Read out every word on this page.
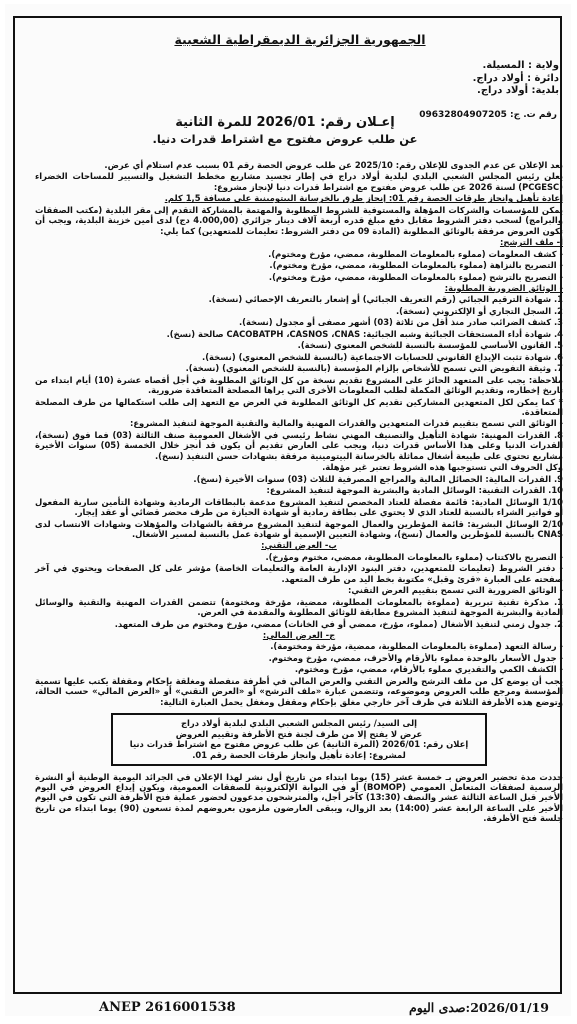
الجمهورية الجزائرية الديمقراطية الشعبية
ولاية : المسيلة.
دائرة : أولاد دراج.
بلدية: أولاد دراج.
رقم ت. ج: 09632804907205
إعـلان رقم: 2026/01 للمرة الثانية
عن طلب عروض مفتوح مع اشتراط قدرات دنيا.

بعد الإعلان عن عدم الجدوى للإعلان رقم: 2025/10 عن طلب عروض الحصة رقم 01 بسبب عدم استلام أي عرض.

يعلن رئيس المجلس الشعبي البلدي لبلدية أولاد دراج في إطار تجسيد مشاريع مخطط التشغيل والتسيير للمساحات الخضراء (PCGESC) لسنة 2026 عن طلب عروض مفتوح مع اشتراط قدرات دنيا لإنجاز مشروع:

إعادة تأهيل وانجاز طرقات الحصة رقم 01: إنجاز طرق بالخرسانة البيتومينية على مسافة 1,5 كلم.

يمكن للمؤسسات والشركات المؤهلة والمستوفية للشروط المطلوبة والمهتمة بالمشاركة التقدم إلى مقر البلدية (مكتب الصفقات والبرامج) لسحب دفتر الشروط مقابل دفع مبلغ قدره أربعة آلاف دينار جزائري (4.000,00 دج) لدى أمين خزينة البلدية، ويجب أن تكون العروض مرفقة بالوثائق المطلوبة (المادة 09 من دفتر الشروط: تعليمات للمتعهدين) كما يلي:

أ- ملف الترشح:

- كشف المعلومات (مملوء بالمعلومات المطلوبة، ممضي، مؤرخ ومختوم).

- التصريح بالنزاهة (مملوء بالمعلومات المطلوبة، ممضي، مؤرخ ومختوم).

- التصريح بالترشح (مملوء بالمعلومات المطلوبة، ممضي، مؤرخ ومختوم).

- الوثائق الضرورية المطلوبة:

1. شهادة الترقيم الجبائي (رقم التعريف الجبائي) أو إشعار بالتعريف الإحصائي (نسخة).

2. السجل التجاري أو الإلكتروني (نسخة).

3. كشف الضرائب صادر منذ أقل من ثلاثة (03) أشهر مصفى أو مجدول (نسخة).

4. شهادة أداء المستحقات الجبائية وشبه الجبائية: CACOBATPH ،CASNOS ،CNAS صالحة (نسخ).

5. القانون الأساسي للمؤسسة بالنسبة للشخص المعنوي (نسخة).

6. شهادة تثبت الإيداع القانوني للحسابات الاجتماعية (بالنسبة للشخص المعنوي) (نسخة).

7. وثيقة التفويض التي تسمح للأشخاص بإلزام المؤسسة (بالنسبة للشخص المعنوي) (نسخة).

ملاحظة: يجب على المتعهد الحائز على المشروع تقديم نسخة من كل الوثائق المطلوبة في أجل أقصاه عشرة (10) أيام ابتداء من تاريخ إخطاره، وتقديم الوثائق المكملة لطلب المعلومات الأخرى التي يراها المصلحة المتعاقدة ضرورية.

* كما يمكن لكل المتعهدين المشاركين تقديم كل الوثائق المطلوبة في العرض مع التعهد إلى طلب استكمالها من طرف المصلحة المتعاقدة.

- الوثائق التي تسمح بتقييم قدرات المتعهدين والقدرات المهنية والمالية والتقنية الموجهة لتنفيذ المشروع:

8. القدرات المهنية: شهادة التأهيل والتصنيف المهني نشاط رئيسي في الأشغال العمومية صنف الثالثة (03) فما فوق (نسخة)، القدرات الدنيا وعلى هذا الأساس قدرات دنيا، ويجب على العارض تقديم أن يكون قد أنجز خلال الخمسة (05) سنوات الأخيرة مشاريع تحتوي على طبيعة أشغال مماثلة بالخرسانة البيتومينية مرفقة بشهادات حسن التنفيذ (نسخ).

وكل الحروف التي تستوجبها هذه الشروط تعتبر غير مؤهلة.

9. القدرات المالية: الحصائل المالية والمراجع المصرفية للثلاث (03) سنوات الأخيرة (نسخ).

10. القدرات التقنية: الوسائل المادية والبشرية الموجهة لتنفيذ المشروع:

1/10 الوسائل المادية: قائمة مفصلة للعتاد المخصص لتنفيذ المشروع مدعمة بالبطاقات الرمادية وشهادة التأمين سارية المفعول أو فواتير الشراء بالنسبة للعتاد الذي لا يحتوي على بطاقة رمادية أو شهادة الحيازة من طرف محضر قضائي أو عقد إيجار.

2/10 الوسائل البشرية: قائمة المؤطرين والعمال الموجهة لتنفيذ المشروع مرفقة بالشهادات والمؤهلات وشهادات الانتساب لدى CNAS بالنسبة للمؤطرين والعمال (نسخ)، وشهادة التعيين الإسمية أو شهادة عمل بالنسبة لمسير الأشغال.

ب- العرض التقني:

- التصريح بالاكتتاب (مملوء بالمعلومات المطلوبة، ممضي، مختوم ومؤرخ).

- دفتر الشروط (تعليمات للمتعهدين، دفتر البنود الإدارية العامة والتعليمات الخاصة) مؤشر على كل الصفحات ويحتوي في آخر صفحته على العبارة «قرئ وقبل» مكتوبة بخط اليد من طرف المتعهد.

- الوثائق الضرورية التي تسمح بتقييم العرض التقني:

1. مذكرة تقنية تبريرية (مملوءة بالمعلومات المطلوبة، ممضية، مؤرخة ومختومة) تتضمن القدرات المهنية والتقنية والوسائل المادية والبشرية الموجهة لتنفيذ المشروع مطابقة للوثائق المطلوبة والمقدمة في العرض.

2. جدول زمني لتنفيذ الأشغال (مملوء، مؤرخ، ممضي أو في الخانات) ممضي، مؤرخ ومختوم من طرف المتعهد.

ج- العرض المالي:

- رسالة التعهد (مملوءة بالمعلومات المطلوبة، ممضية، مؤرخة ومختومة).

- جدول الأسعار بالوحدة مملوء بالأرقام والأحرف، ممضي، مؤرخ ومختوم.

- الكشف الكمي والتقديري مملوء بالأرقام، ممضي، مؤرخ ومختوم.

يجب أن يوضع كل من ملف الترشح والعرض التقني والعرض المالي في أظرفة منفصلة ومغلقة بإحكام ومقفلة يكتب عليها تسمية المؤسسة ومرجع طلب العروض وموضوعه، وتتضمن عبارة «ملف الترشح» أو «العرض التقني» أو «العرض المالي» حسب الحالة، وتوضع هذه الأظرفة الثلاثة في ظرف آخر خارجي مغلق بإحكام ومقفل ومغفل يحمل العبارة التالية:

إلى السيد/ رئيس المجلس الشعبي البلدي لبلدية أولاد دراج
عرض لا يفتح إلا من طرف لجنة فتح الأظرفة وتقييم العروض
إعلان رقم: 2026/01 (المرة الثانية) عن طلب عروض مفتوح مع اشتراط قدرات دنيا
لمشروع: إعادة تأهيل وانجاز طرقات الحصة رقم 01.

حددت مدة تحضير العروض بـ خمسة عشر (15) يوما ابتداء من تاريخ أول نشر لهذا الإعلان في الجرائد اليومية الوطنية أو النشرة الرسمية لصفقات المتعامل العمومي (BOMOP) أو في البوابة الإلكترونية للصفقات العمومية، ويكون إيداع العروض في اليوم الأخير قبل الساعة الثالثة عشر والنصف (13:30) كآخر أجل، والمترشحون مدعوون لحضور عملية فتح الأظرفة التي تكون في اليوم الأخير على الساعة الرابعة عشر (14:00) بعد الزوال، ويبقى العارضون ملزمون بعروضهم لمدة تسعون (90) يوما ابتداء من تاريخ جلسة فتح الأظرفة.

ANEP 2616001538	2026/01/19:صدى اليوم
